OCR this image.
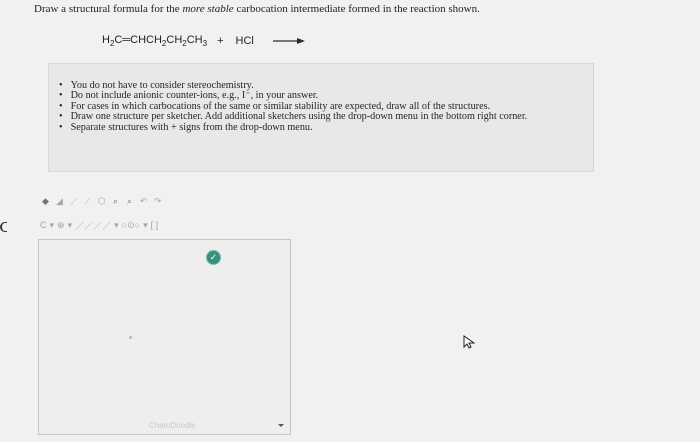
Draw a structural formula for the more stable carbocation intermediate formed in the reaction shown.
$H_2C═CHCH_2CH_2CH_3$ + HCl
• You do not have to consider stereochemistry.
• Do not include anionic counter-ions, e.g., I⁻, in your answer.
• For cases in which carbocations of the same or similar stability are expected, draw all of the structures.
• Draw one structure per sketcher. Add additional sketchers using the drop-down menu in the bottom right corner.
• Separate structures with + signs from the drop-down menu.
◆ ◢ ／ ∕	⬡ ⌕ ⌕ ↶ ↷
C ▾ ⊕ ▾ ／／／／ ▾ ○⊙○ ▾ [ ]
✓
ChemDoodle
